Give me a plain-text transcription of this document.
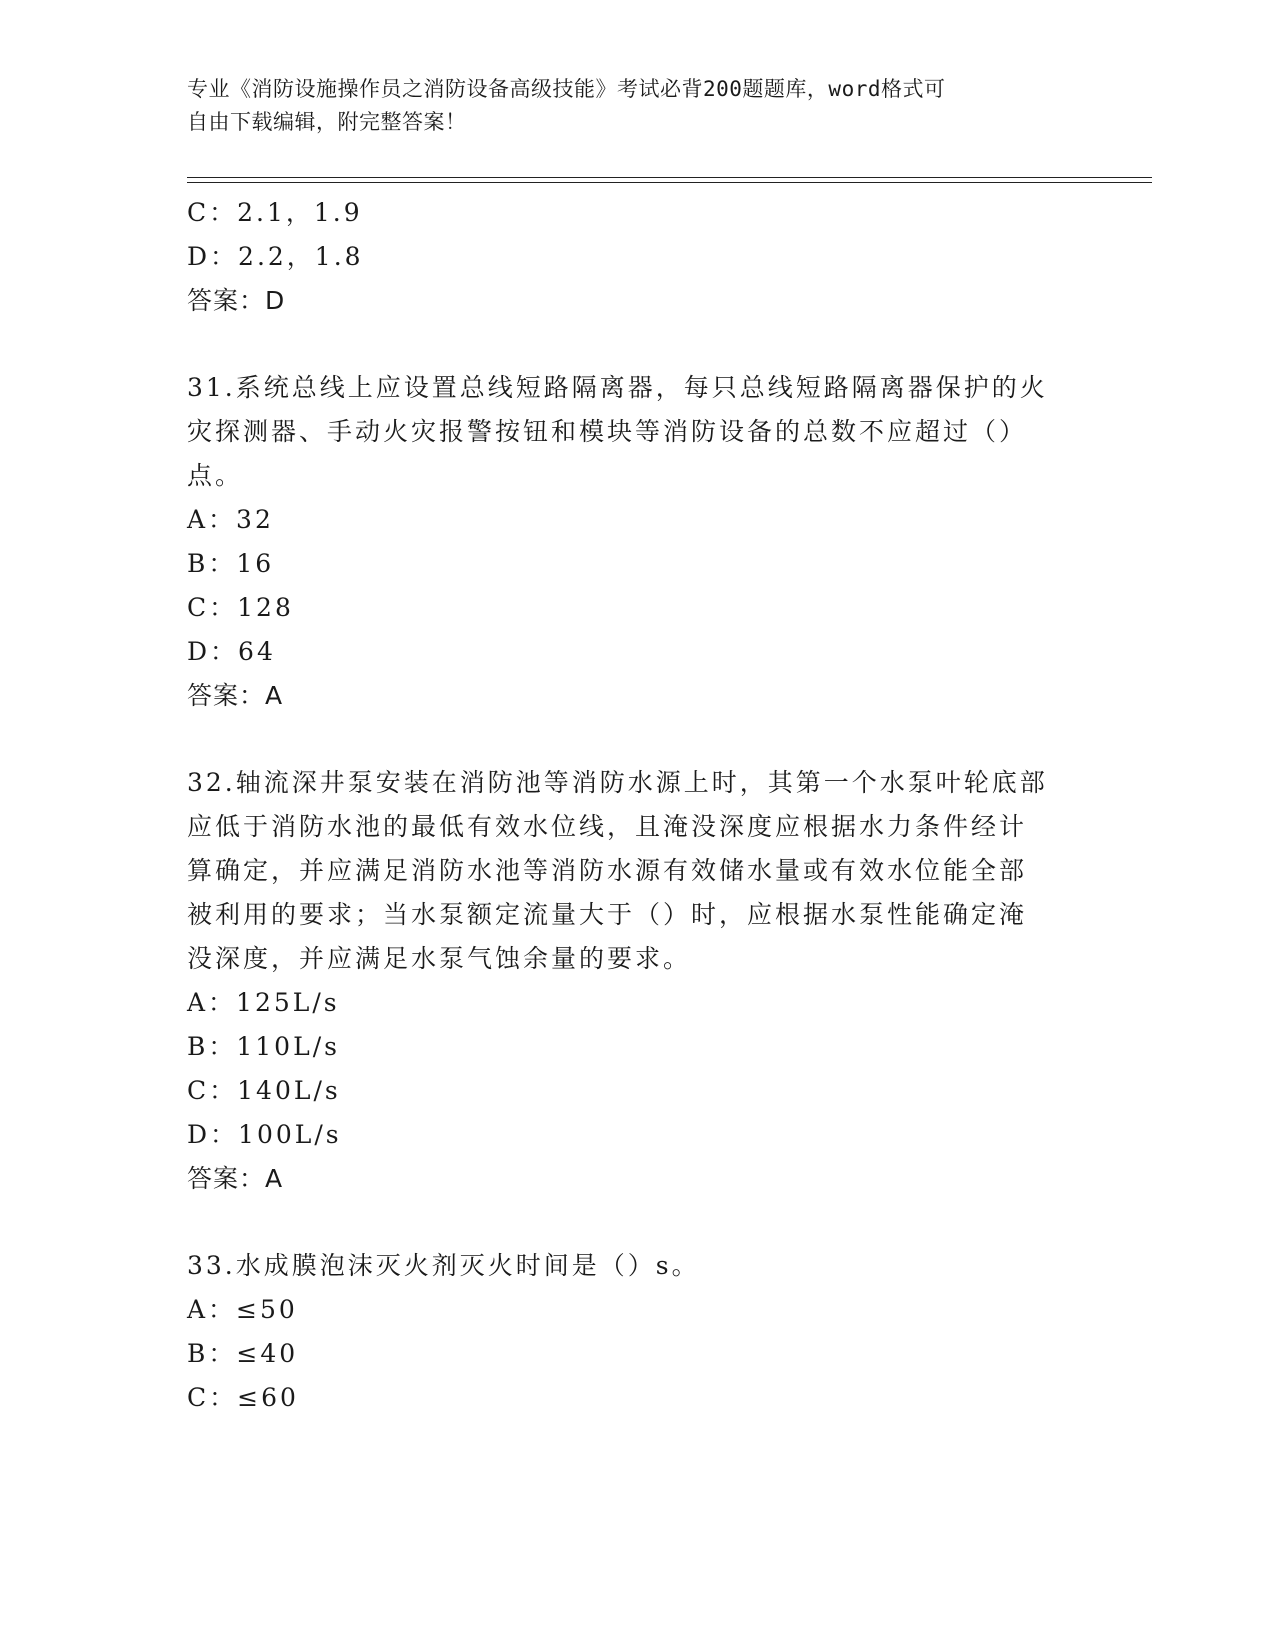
专业《消防设施操作员之消防设备高级技能》考试必背200题题库，word格式可
自由下载编辑，附完整答案！
C：2.1，1.9
D：2.2，1.8
答案：D
31.系统总线上应设置总线短路隔离器，每只总线短路隔离器保护的火
灾探测器、手动火灾报警按钮和模块等消防设备的总数不应超过（）
点。
A：32
B：16
C：128
D：64
答案：A
32.轴流深井泵安装在消防池等消防水源上时，其第一个水泵叶轮底部
应低于消防水池的最低有效水位线，且淹没深度应根据水力条件经计
算确定，并应满足消防水池等消防水源有效储水量或有效水位能全部
被利用的要求；当水泵额定流量大于（）时，应根据水泵性能确定淹
没深度，并应满足水泵气蚀余量的要求。
A：125L/s
B：110L/s
C：140L/s
D：100L/s
答案：A
33.水成膜泡沫灭火剂灭火时间是（）s。
A：≤50
B：≤40
C：≤60
